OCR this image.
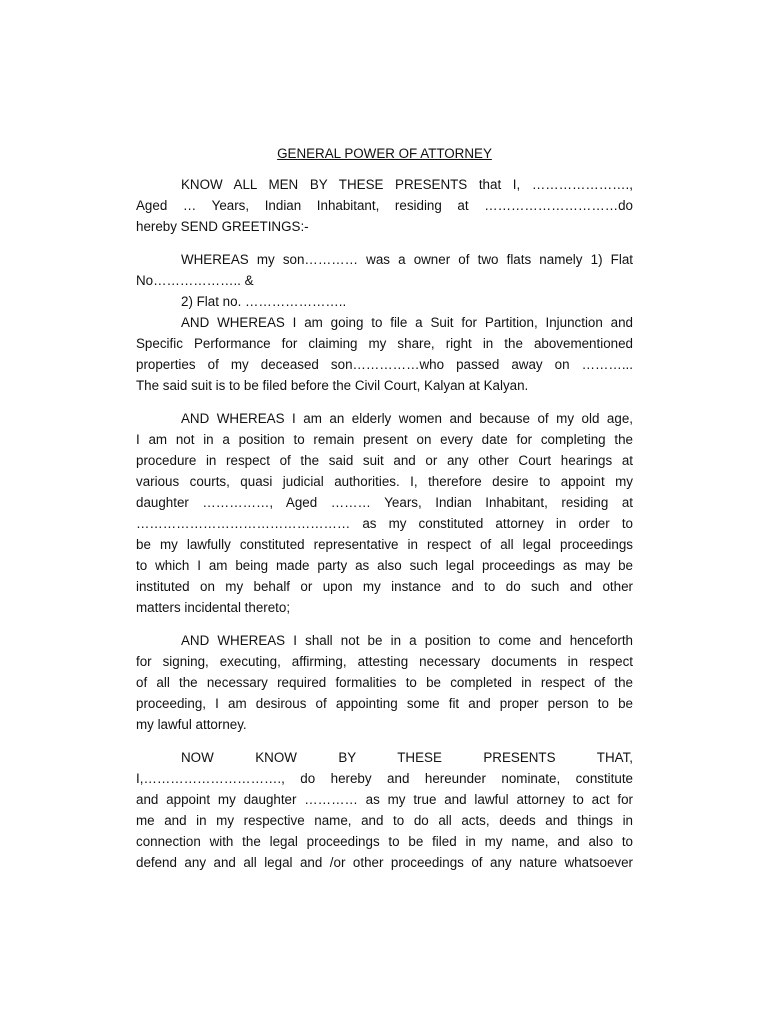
GENERAL POWER OF ATTORNEY
KNOW ALL MEN BY THESE PRESENTS that I, ………………….,
Aged … Years, Indian Inhabitant, residing at …………………………do
hereby SEND GREETINGS:-
WHEREAS my son………… was a owner of two flats namely 1) Flat
No……………….. &
2) Flat no. …………………..
AND WHEREAS I am going to file a Suit for Partition, Injunction and
Specific Performance for claiming my share, right in the abovementioned
properties of my deceased son……………who passed away on ………...
The said suit is to be filed before the Civil Court, Kalyan at Kalyan.
AND WHEREAS I am an elderly women and because of my old age,
I am not in a position to remain present on every date for completing the
procedure in respect of the said suit and or any other Court hearings at
various courts, quasi judicial authorities. I, therefore desire to appoint my
daughter ……………, Aged ……… Years, Indian Inhabitant, residing at
………………………………………… as my constituted attorney in order to
be my lawfully constituted representative in respect of all legal proceedings
to which I am being made party as also such legal proceedings as may be
instituted on my behalf or upon my instance and to do such and other
matters incidental thereto;
AND WHEREAS I shall not be in a position to come and henceforth
for signing, executing, affirming, attesting necessary documents in respect
of all the necessary required formalities to be completed in respect of the
proceeding, I am desirous of appointing some fit and proper person to be
my lawful attorney.
NOW KNOW BY THESE PRESENTS THAT,
I,…………………………., do hereby and hereunder nominate, constitute
and appoint my daughter ………… as my true and lawful attorney to act for
me and in my respective name, and to do all acts, deeds and things in
connection with the legal proceedings to be filed in my name, and also to
defend any and all legal and /or other proceedings of any nature whatsoever
